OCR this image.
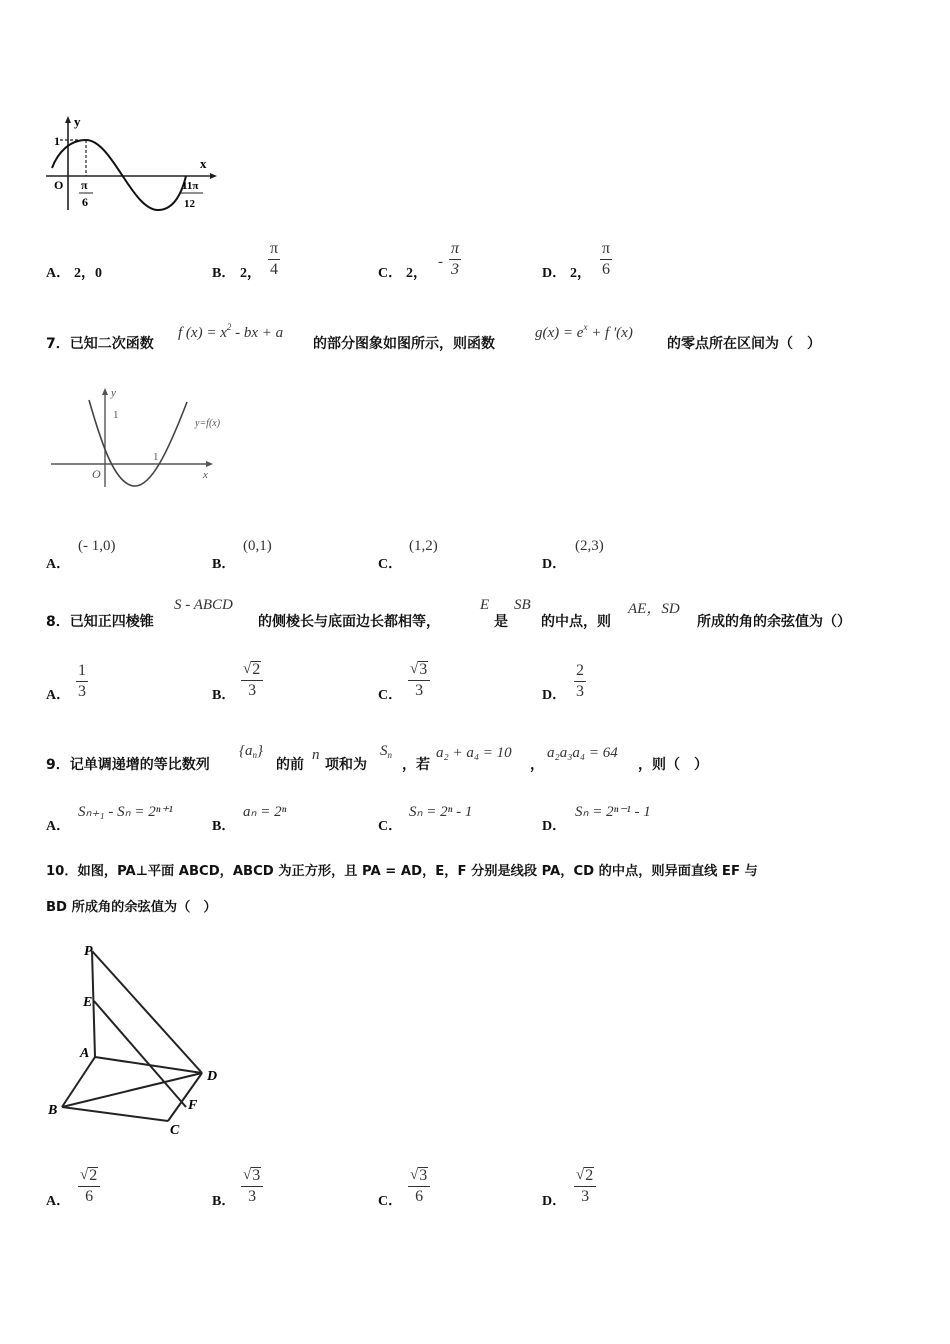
y
x
1
O π
6
11π
12
A． 2，0	B． 2， $\frac{\pi}{4}$	C． 2，
- $\frac{\pi}{3}$	D． 2， $\frac{\pi}{6}$
7．已知二次函数
f $(x) = x^2$ - bx + a
的部分图象如图所示，则函数
$g(x) = e^x + f$ '(x)
的零点所在区间为（　）
y
1
O
1
x
y=f(x)
A．
(- 1,0)
B．
(0,1)
C．
(1,2)
D．
(2,3)
8．已知正四棱锥
S - ABCD
的侧棱长与底面边长都相等，
E
是
SB
的中点，则
AE，SD
所成的角的余弦值为（）
A． $\frac{1}{3}$	B． $\frac{√ 2}{3}$	C． $\frac{√ 3}{3}$	D． $\frac{2}{3}$
9．记单调递增的等比数列
$\{a_n\}$
的前
n
项和为
$S_n$
，若
a₂ + a₄ = 10
，
a₂a₃a₄ = 64
，则（　）
A．
Sₙ₊₁ - Sₙ = 2ⁿ⁺¹
B．
aₙ = 2ⁿ
C．
Sₙ = 2ⁿ - 1
D．
Sₙ = 2ⁿ⁻¹ - 1
10．如图，PA⊥平面 ABCD，ABCD 为正方形，且 PA = AD，E，F 分别是线段 PA，CD 的中点，则异面直线 EF 与
BD 所成角的余弦值为（　）
P
E
A
D
B	F
C
A． $\frac{√ 2}{6}$	B． $\frac{√ 3}{3}$	C． $\frac{√ 3}{6}$	D． $\frac{√ 2}{3}$
